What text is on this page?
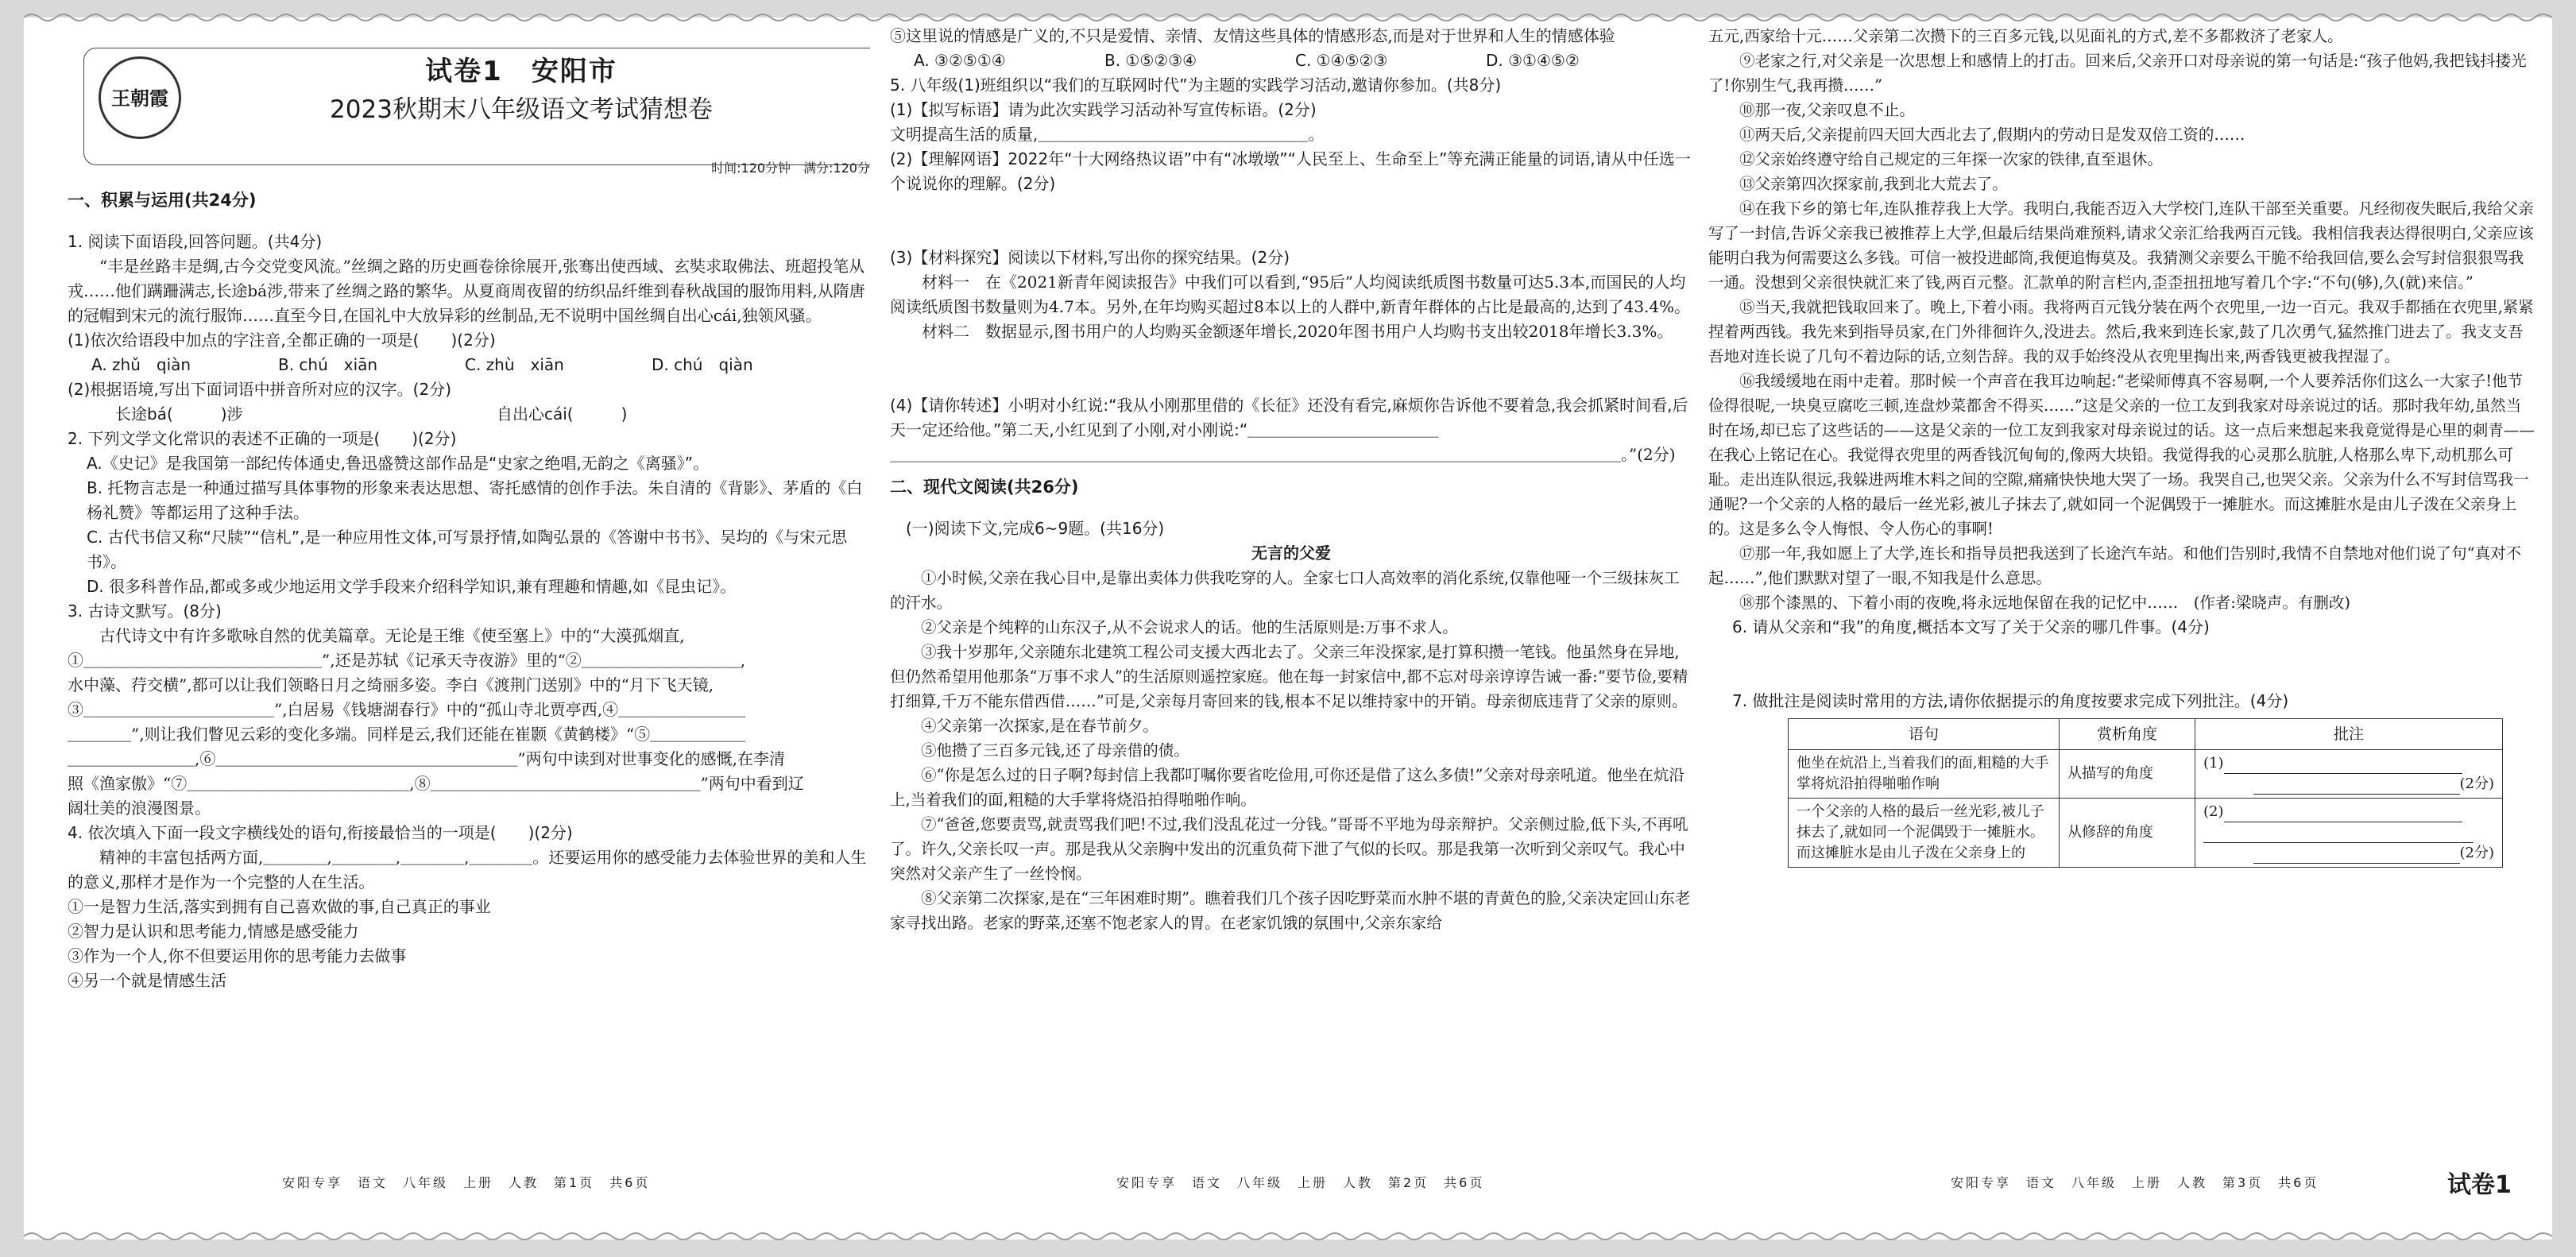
王朝霞
试卷1　安阳市
2023秋期末八年级语文考试猜想卷

时间:120分钟　满分:120分

一、积累与运用(共24分)

1. 阅读下面语段,回答问题。(共4分)

“丰是丝路丰是绸,古今交党变风流。”丝绸之路的历史画卷徐徐展开,张骞出使西域、玄奘求取佛法、班超投笔从戎……他们蹒跚满志,长途bá涉,带来了丝绸之路的繁华。从夏商周夜留的纺织品纤维到春秋战国的服饰用料,从隋唐的冠帽到宋元的流行服饰……直至今日,在国礼中大放异彩的丝制品,无不说明中国丝绸自出心cái,独领风骚。

(1)依次给语段中加点的字注音,全都正确的一项是(　　)(2分)

A. zhǔ　qiàn	B. chú　xiān	C. zhù　xiān	D. chú　qiàn

(2)根据语境,写出下面词语中拼音所对应的汉字。(2分)

长途bá(　　　)涉	自出心cái(　　　)

2. 下列文学文化常识的表述不正确的一项是(　　)(2分)

A.《史记》是我国第一部纪传体通史,鲁迅盛赞这部作品是“史家之绝唱,无韵之《离骚》”。

B. 托物言志是一种通过描写具体事物的形象来表达思想、寄托感情的创作手法。朱自清的《背影》、茅盾的《白杨礼赞》等都运用了这种手法。

C. 古代书信又称“尺牍”“信札”,是一种应用性文体,可写景抒情,如陶弘景的《答谢中书书》、吴均的《与宋元思书》。

D. 很多科普作品,都或多或少地运用文学手段来介绍科学知识,兼有理趣和情趣,如《昆虫记》。

3. 古诗文默写。(8分)

古代诗文中有许多歌咏自然的优美篇章。无论是王维《使至塞上》中的“大漠孤烟直,

①＿＿＿＿＿＿＿＿＿＿＿＿＿＿＿”,还是苏轼《记承天寺夜游》里的“②＿＿＿＿＿＿＿＿＿＿,

水中藻、荇交横”,都可以让我们领略日月之绮丽多姿。李白《渡荆门送别》中的“月下飞天镜,

③＿＿＿＿＿＿＿＿＿＿＿＿”,白居易《钱塘湖春行》中的“孤山寺北贾亭西,④＿＿＿＿＿＿＿＿

＿＿＿＿”,则让我们瞥见云彩的变化多端。同样是云,我们还能在崔颢《黄鹤楼》“⑤＿＿＿＿＿＿

＿＿＿＿＿＿＿＿,⑥＿＿＿＿＿＿＿＿＿＿＿＿＿＿＿＿＿＿＿”两句中读到对世事变化的感慨,在李清

照《渔家傲》“⑦＿＿＿＿＿＿＿＿＿＿＿＿＿＿,⑧＿＿＿＿＿＿＿＿＿＿＿＿＿＿＿＿＿”两句中看到辽

阔壮美的浪漫图景。

4. 依次填入下面一段文字横线处的语句,衔接最恰当的一项是(　　)(2分)

精神的丰富包括两方面,＿＿＿＿,＿＿＿＿,＿＿＿＿,＿＿＿＿。还要运用你的感受能力去体验世界的美和人生的意义,那样才是作为一个完整的人在生活。

①一是智力生活,落实到拥有自己喜欢做的事,自己真正的事业

②智力是认识和思考能力,情感是感受能力

③作为一个人,你不但要运用你的思考能力去做事

④另一个就是情感生活

⑤这里说的情感是广义的,不只是爱情、亲情、友情这些具体的情感形态,而是对于世界和人生的情感体验

A. ③②⑤①④	B. ①⑤②③④	C. ①④⑤②③	D. ③①④⑤②

5. 八年级(1)班组织以“我们的互联网时代”为主题的实践学习活动,邀请你参加。(共8分)

(1)【拟写标语】请为此次实践学习活动补写宣传标语。(2分)

文明提高生活的质量,＿＿＿＿＿＿＿＿＿＿＿＿＿＿＿＿＿。

(2)【理解网语】2022年“十大网络热议语”中有“冰墩墩”“人民至上、生命至上”等充满正能量的词语,请从中任选一个说说你的理解。(2分)

(3)【材料探究】阅读以下材料,写出你的探究结果。(2分)

材料一　在《2021新青年阅读报告》中我们可以看到,“95后”人均阅读纸质图书数量可达5.3本,而国民的人均阅读纸质图书数量则为4.7本。另外,在年均购买超过8本以上的人群中,新青年群体的占比是最高的,达到了43.4%。

材料二　数据显示,图书用户的人均购买金额逐年增长,2020年图书用户人均购书支出较2018年增长3.3%。

(4)【请你转述】小明对小红说:“我从小刚那里借的《长征》还没有看完,麻烦你告诉他不要着急,我会抓紧时间看,后天一定还给他。”第二天,小红见到了小刚,对小刚说:“＿＿＿＿＿＿＿＿＿＿＿＿

＿＿＿＿＿＿＿＿＿＿＿＿＿＿＿＿＿＿＿＿＿＿＿＿＿＿＿＿＿＿＿＿＿＿＿＿＿＿＿＿＿＿＿＿＿＿。”(2分)

二、现代文阅读(共26分)

(一)阅读下文,完成6~9题。(共16分)

无言的父爱

①小时候,父亲在我心目中,是靠出卖体力供我吃穿的人。全家七口人高效率的消化系统,仅靠他哑一个三级抹灰工的汗水。

②父亲是个纯粹的山东汉子,从不会说求人的话。他的生活原则是:万事不求人。

③我十岁那年,父亲随东北建筑工程公司支援大西北去了。父亲三年没探家,是打算积攒一笔钱。他虽然身在异地,但仍然希望用他那条“万事不求人”的生活原则遥控家庭。他在每一封家信中,都不忘对母亲谆谆告诫一番:“要节俭,要精打细算,千万不能东借西借……”可是,父亲每月寄回来的钱,根本不足以维持家中的开销。母亲彻底违背了父亲的原则。

④父亲第一次探家,是在春节前夕。

⑤他攒了三百多元钱,还了母亲借的债。

⑥“你是怎么过的日子啊?每封信上我都叮嘱你要省吃俭用,可你还是借了这么多债!”父亲对母亲吼道。他坐在炕沿上,当着我们的面,粗糙的大手掌将烧沿拍得啪啪作响。

⑦“爸爸,您要责骂,就责骂我们吧!不过,我们没乱花过一分钱。”哥哥不平地为母亲辩护。父亲侧过脸,低下头,不再吼了。许久,父亲长叹一声。那是我从父亲胸中发出的沉重负荷下泄了气似的长叹。那是我第一次听到父亲叹气。我心中突然对父亲产生了一丝怜悯。

⑧父亲第二次探家,是在“三年困难时期”。瞧着我们几个孩子因吃野菜而水肿不堪的青黄色的脸,父亲决定回山东老家寻找出路。老家的野菜,还塞不饱老家人的胃。在老家饥饿的氛围中,父亲东家给

五元,西家给十元……父亲第二次攒下的三百多元钱,以见面礼的方式,差不多都救济了老家人。

⑨老家之行,对父亲是一次思想上和感情上的打击。回来后,父亲开口对母亲说的第一句话是:“孩子他妈,我把钱抖搂光了!你别生气,我再攒……”

⑩那一夜,父亲叹息不止。

⑪两天后,父亲提前四天回大西北去了,假期内的劳动日是发双倍工资的……

⑫父亲始终遵守给自己规定的三年探一次家的铁律,直至退休。

⑬父亲第四次探家前,我到北大荒去了。

⑭在我下乡的第七年,连队推荐我上大学。我明白,我能否迈入大学校门,连队干部至关重要。凡经彻夜失眠后,我给父亲写了一封信,告诉父亲我已被推荐上大学,但最后结果尚难预料,请求父亲汇给我两百元钱。我相信我表达得很明白,父亲应该能明白我为何需要这么多钱。可信一被投进邮筒,我便追悔莫及。我猜测父亲要么干脆不给我回信,要么会写封信狠狠骂我一通。没想到父亲很快就汇来了钱,两百元整。汇款单的附言栏内,歪歪扭扭地写着几个字:“不句(够),久(就)来信。”

⑮当天,我就把钱取回来了。晚上,下着小雨。我将两百元钱分装在两个衣兜里,一边一百元。我双手都插在衣兜里,紧紧捏着两西钱。我先来到指导员家,在门外徘徊许久,没进去。然后,我来到连长家,鼓了几次勇气,猛然推门进去了。我支支吾吾地对连长说了几句不着边际的话,立刻告辞。我的双手始终没从衣兜里掏出来,两香钱更被我捏湿了。

⑯我缓缓地在雨中走着。那时候一个声音在我耳边响起:“老梁师傅真不容易啊,一个人要养活你们这么一大家子!他节俭得很呢,一块臭豆腐吃三顿,连盘炒菜都舍不得买……”这是父亲的一位工友到我家对母亲说过的话。那时我年幼,虽然当时在场,却已忘了这些话的——这是父亲的一位工友到我家对母亲说过的话。这一点后来想起来我竟觉得是心里的刺青——在我心上铭记在心。我觉得衣兜里的两香钱沉甸甸的,像两大块铅。我觉得我的心灵那么肮脏,人格那么卑下,动机那么可耻。走出连队很远,我躲进两堆木料之间的空隙,痛痛快快地大哭了一场。我哭自己,也哭父亲。父亲为什么不写封信骂我一通呢?一个父亲的人格的最后一丝光彩,被儿子抹去了,就如同一个泥偶毁于一摊脏水。而这摊脏水是由儿子泼在父亲身上的。这是多么令人悔恨、令人伤心的事啊!

⑰那一年,我如愿上了大学,连长和指导员把我送到了长途汽车站。和他们告别时,我情不自禁地对他们说了句“真对不起……”,他们默默对望了一眼,不知我是什么意思。

⑱那个漆黑的、下着小雨的夜晚,将永远地保留在我的记忆中……　(作者:梁晓声。有删改)

6. 请从父亲和“我”的角度,概括本文写了关于父亲的哪几件事。(4分)

7. 做批注是阅读时常用的方法,请你依据提示的角度按要求完成下列批注。(4分)

语句	赏析角度	批注
他坐在炕沿上,当着我们的面,粗糙的大手掌将炕沿拍得啪啪作响	从描写的角度	(1)
(2分)

一个父亲的人格的最后一丝光彩,被儿子抹去了,就如同一个泥偶毁于一摊脏水。而这摊脏水是由儿子泼在父亲身上的	从修辞的角度	(2)
(2分)
安阳专享　语文　八年级　上册　人教　第1页　共6页	安阳专享　语文　八年级　上册　人教　第2页　共6页	安阳专享　语文　八年级　上册　人教　第3页　共6页	试卷1
